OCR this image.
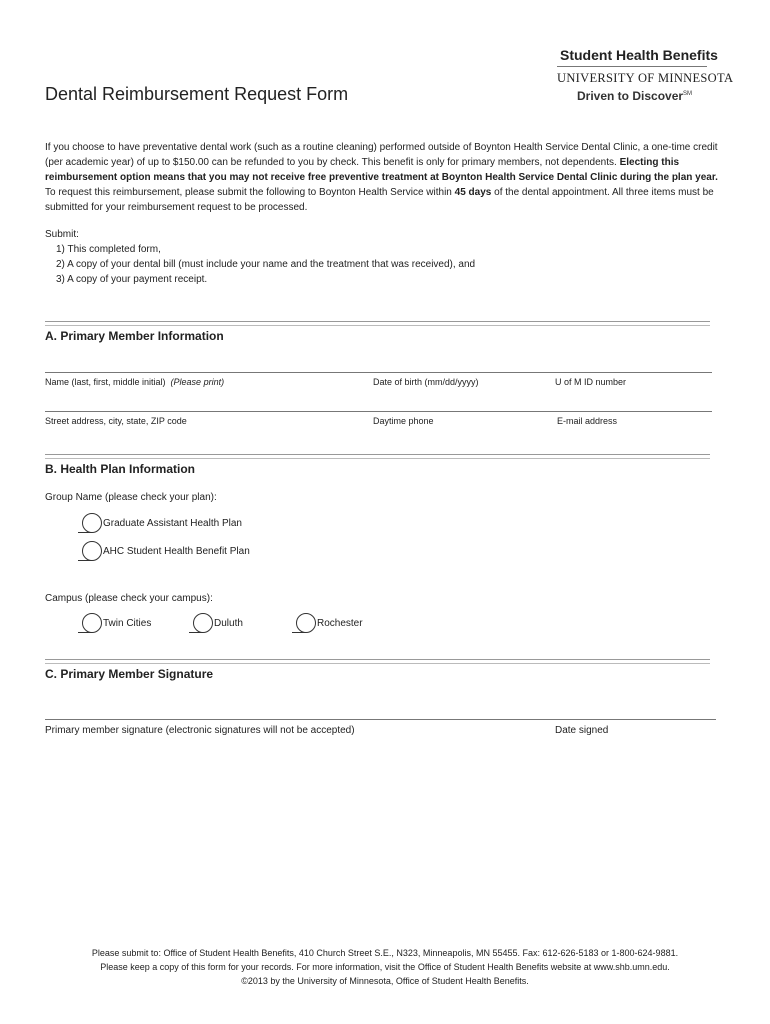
Student Health Benefits
UNIVERSITY OF MINNESOTA
Driven to Discover℠
Dental Reimbursement Request Form
If you choose to have preventative dental work (such as a routine cleaning) performed outside of Boynton Health Service Dental Clinic, a one-time credit (per academic year) of up to $150.00 can be refunded to you by check. This benefit is only for primary members, not dependents. Electing this reimbursement option means that you may not receive free preventive treatment at Boynton Health Service Dental Clinic during the plan year. To request this reimbursement, please submit the following to Boynton Health Service within 45 days of the dental appointment. All three items must be submitted for your reimbursement request to be processed.
Submit:
1) This completed form,
2) A copy of your dental bill (must include your name and the treatment that was received), and
3) A copy of your payment receipt.
A. Primary Member Information
Name (last, first, middle initial) (Please print)	Date of birth (mm/dd/yyyy)	U of M ID number
Street address, city, state, ZIP code	Daytime phone	E-mail address
B. Health Plan Information
Group Name (please check your plan):
Graduate Assistant Health Plan
AHC Student Health Benefit Plan
Campus (please check your campus):
Twin Cities	Duluth	Rochester
C. Primary Member Signature
Primary member signature (electronic signatures will not be accepted)	Date signed
Please submit to: Office of Student Health Benefits, 410 Church Street S.E., N323, Minneapolis, MN 55455. Fax: 612-626-5183 or 1-800-624-9881.
Please keep a copy of this form for your records. For more information, visit the Office of Student Health Benefits website at www.shb.umn.edu.
©2013 by the University of Minnesota, Office of Student Health Benefits.
